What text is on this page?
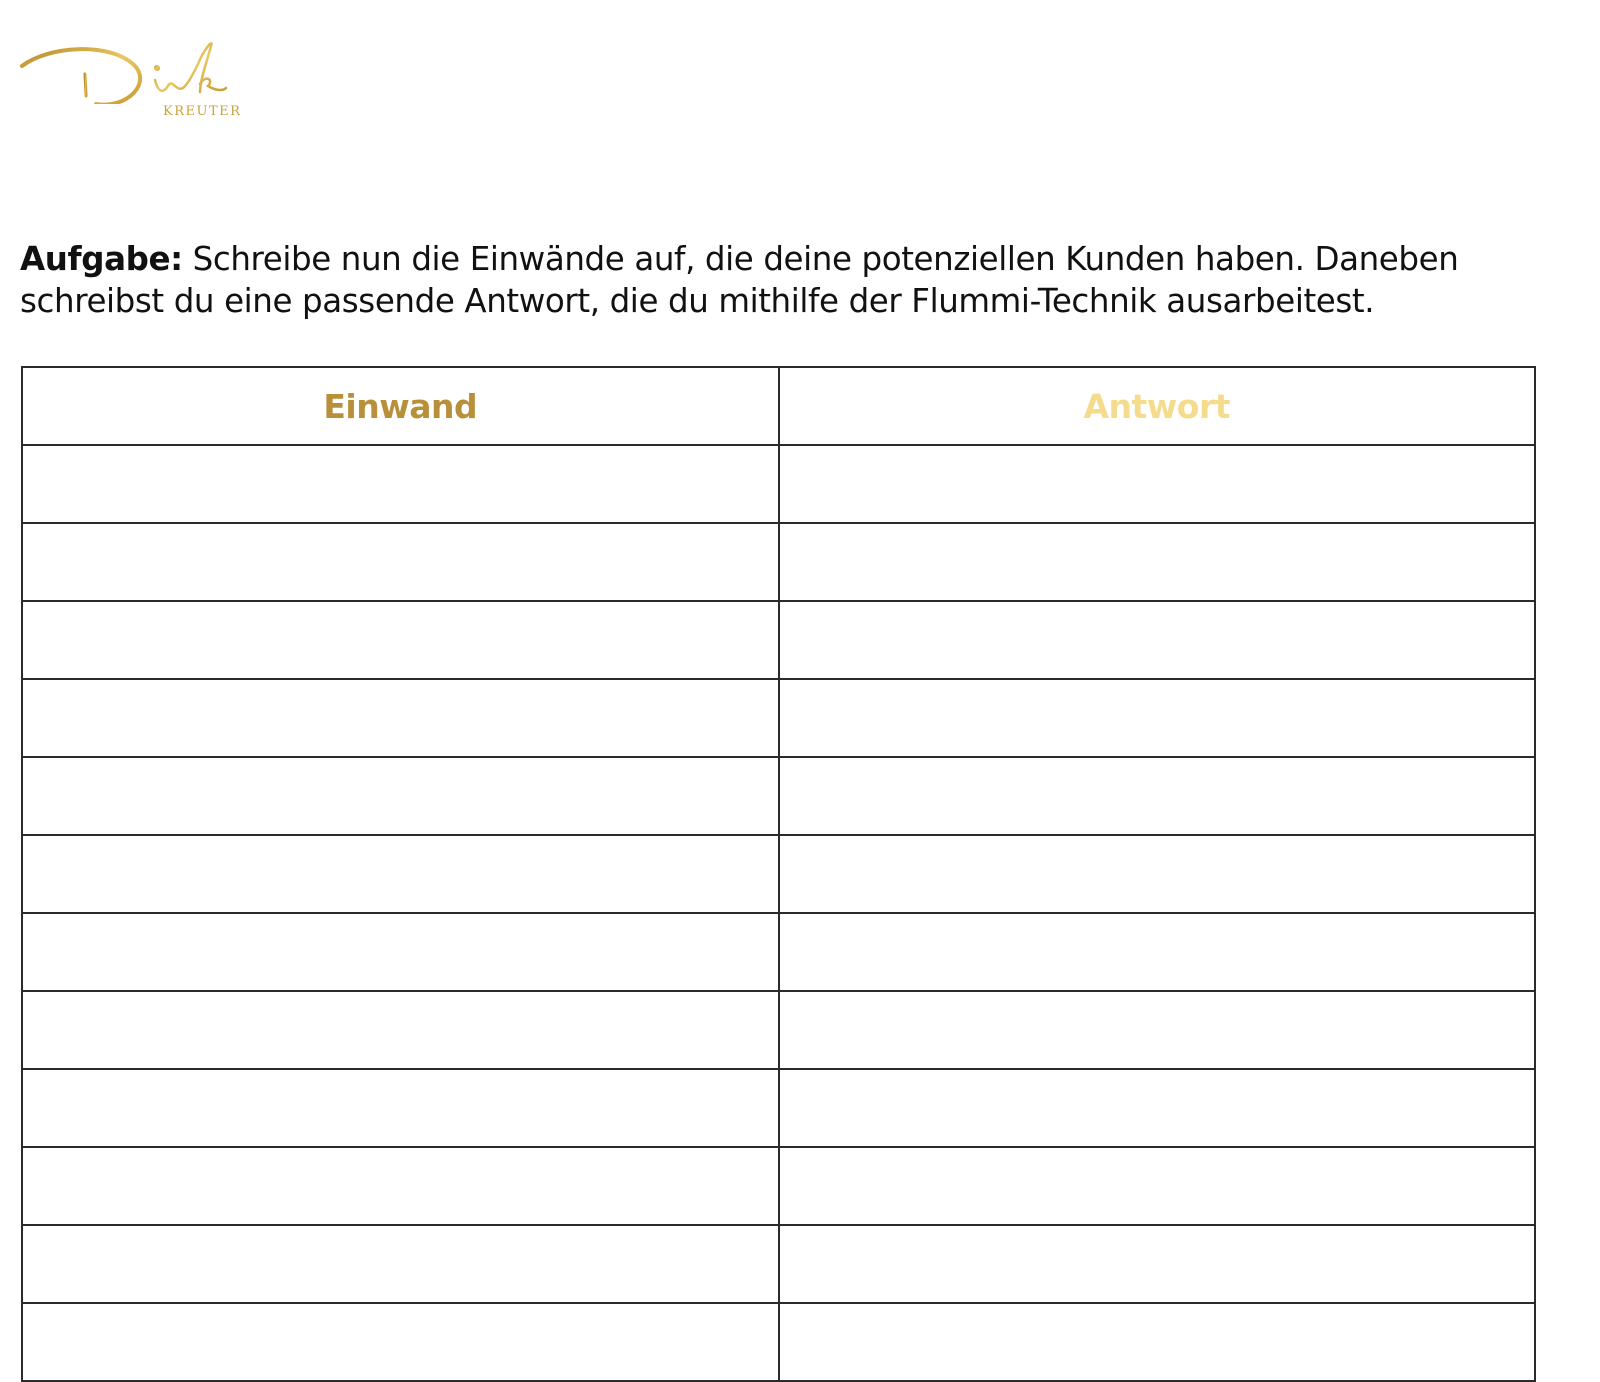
KREUTER
Aufgabe: Schreibe nun die Einwände auf, die deine potenziellen Kunden haben. Daneben schreibst du eine passende Antwort, die du mithilfe der Flummi-Technik ausarbeitest.
Einwand	Antwort
